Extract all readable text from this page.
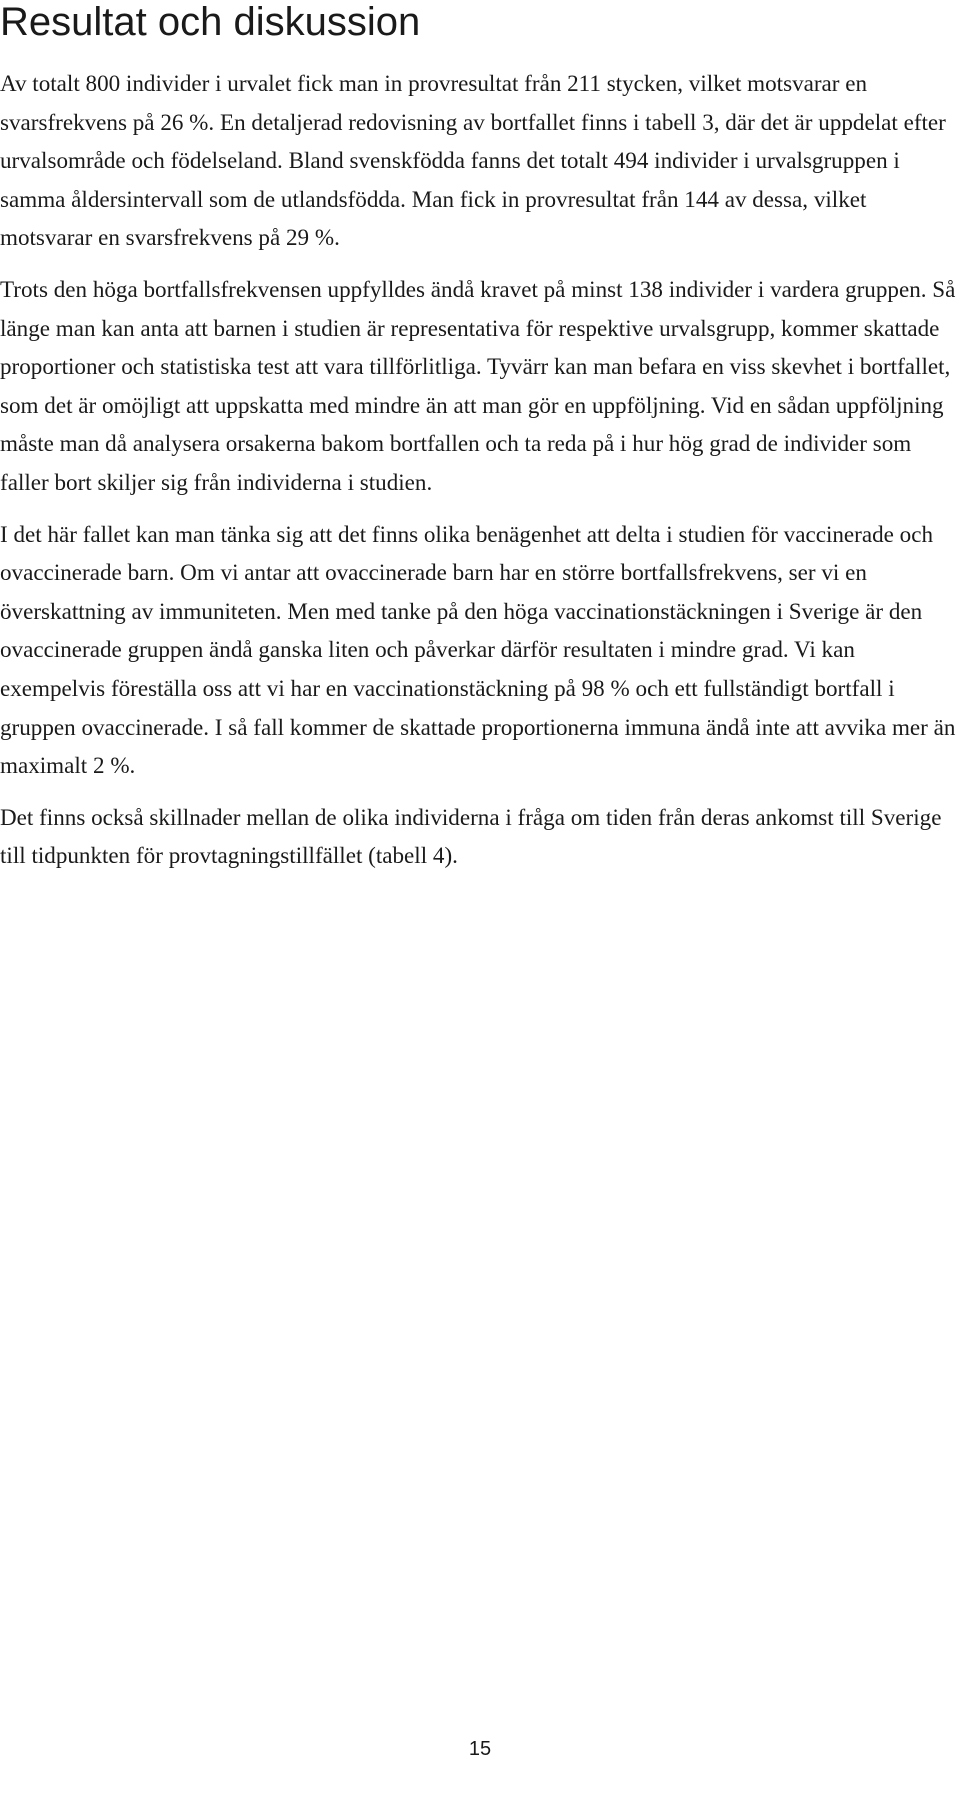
Resultat och diskussion

Av totalt 800 individer i urvalet fick man in provresultat från 211 stycken, vilket motsvarar en svarsfrekvens på 26 %. En detaljerad redovisning av bortfallet finns i tabell 3, där det är uppdelat efter urvalsområde och födelseland. Bland svenskfödda fanns det totalt 494 individer i urvalsgruppen i samma åldersintervall som de utlandsfödda. Man fick in provresultat från 144 av dessa, vilket motsvarar en svarsfrekvens på 29 %.

Trots den höga bortfallsfrekvensen uppfylldes ändå kravet på minst 138 individer i vardera gruppen. Så länge man kan anta att barnen i studien är representativa för respektive urvalsgrupp, kommer skattade proportioner och statistiska test att vara tillförlitliga. Tyvärr kan man befara en viss skevhet i bortfallet, som det är omöjligt att uppskatta med mindre än att man gör en uppföljning. Vid en sådan uppföljning måste man då analysera orsakerna bakom bortfallen och ta reda på i hur hög grad de individer som faller bort skiljer sig från individerna i studien.

I det här fallet kan man tänka sig att det finns olika benägenhet att delta i studien för vaccinerade och ovaccinerade barn. Om vi antar att ovaccinerade barn har en större bortfallsfrekvens, ser vi en överskattning av immuniteten. Men med tanke på den höga vaccinationstäckningen i Sverige är den ovaccinerade gruppen ändå ganska liten och påverkar därför resultaten i mindre grad. Vi kan exempelvis föreställa oss att vi har en vaccinationstäckning på 98 % och ett fullständigt bortfall i gruppen ovaccinerade. I så fall kommer de skattade proportionerna immuna ändå inte att avvika mer än maximalt 2 %.

Det finns också skillnader mellan de olika individerna i fråga om tiden från deras ankomst till Sverige till tidpunkten för provtagningstillfället (tabell 4).

15
